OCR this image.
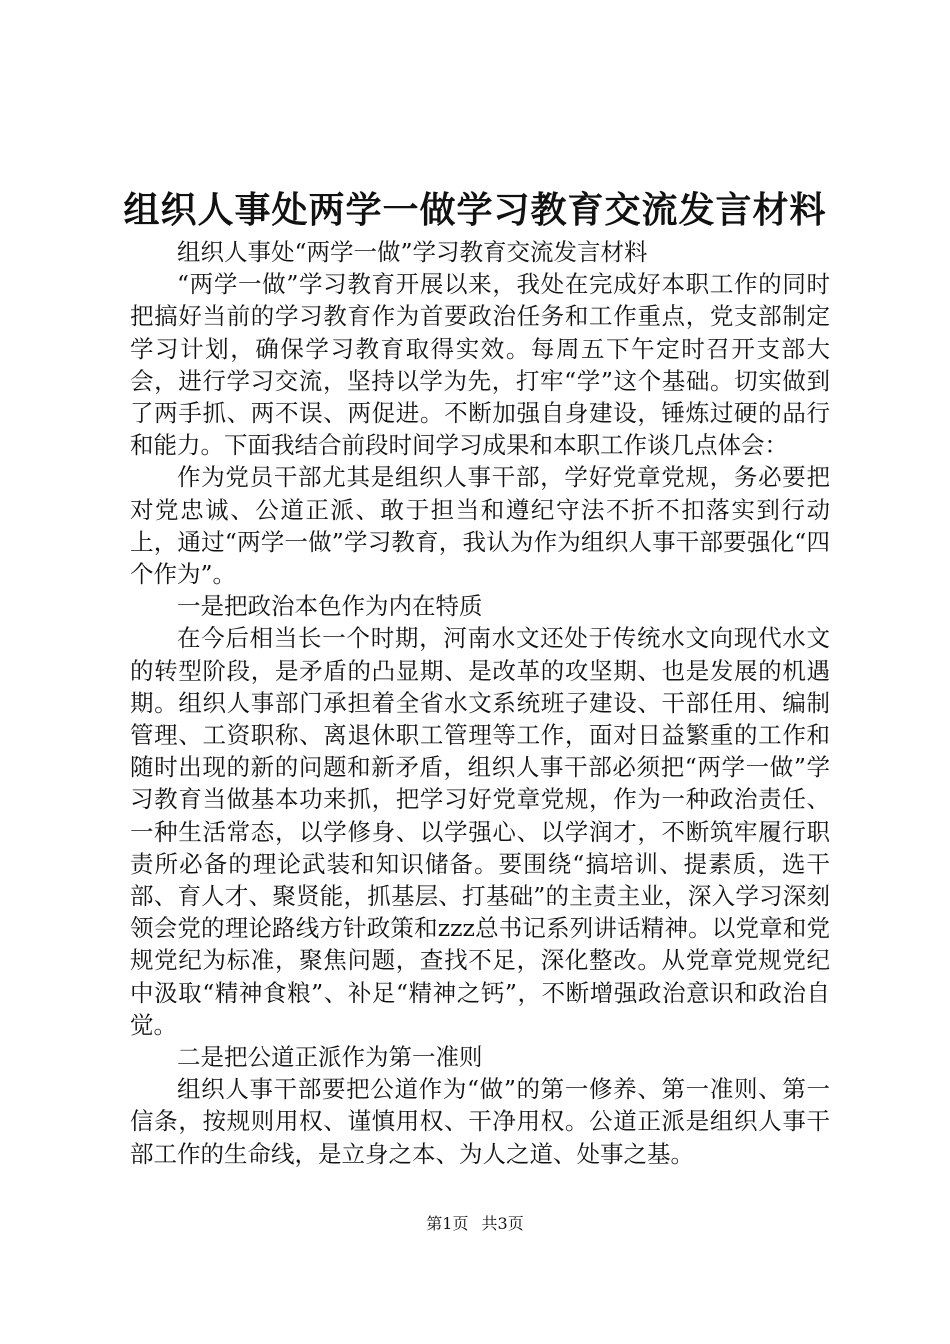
组织人事处两学一做学习教育交流发言材料

组织人事处“两学一做”学习教育交流发言材料

“两学一做”学习教育开展以来，我处在完成好本职工作的同时把搞好当前的学习教育作为首要政治任务和工作重点，党支部制定学习计划，确保学习教育取得实效。每周五下午定时召开支部大会，进行学习交流，坚持以学为先，打牢“学”这个基础。切实做到了两手抓、两不误、两促进。不断加强自身建设，锤炼过硬的品行和能力。下面我结合前段时间学习成果和本职工作谈几点体会：

作为党员干部尤其是组织人事干部，学好党章党规，务必要把对党忠诚、公道正派、敢于担当和遵纪守法不折不扣落实到行动上，通过“两学一做”学习教育，我认为作为组织人事干部要强化“四个作为”。

一是把政治本色作为内在特质

在今后相当长一个时期，河南水文还处于传统水文向现代水文的转型阶段，是矛盾的凸显期、是改革的攻坚期、也是发展的机遇期。组织人事部门承担着全省水文系统班子建设、干部任用、编制管理、工资职称、离退休职工管理等工作，面对日益繁重的工作和随时出现的新的问题和新矛盾，组织人事干部必须把“两学一做”学习教育当做基本功来抓，把学习好党章党规，作为一种政治责任、一种生活常态，以学修身、以学强心、以学润才，不断筑牢履行职责所必备的理论武装和知识储备。要围绕“搞培训、提素质，选干部、育人才、聚贤能，抓基层、打基础”的主责主业，深入学习深刻领会党的理论路线方针政策和zzz总书记系列讲话精神。以党章和党规党纪为标准，聚焦问题，查找不足，深化整改。从党章党规党纪中汲取“精神食粮”、补足“精神之钙”，不断增强政治意识和政治自觉。

二是把公道正派作为第一准则

组织人事干部要把公道作为“做”的第一修养、第一准则、第一信条，按规则用权、谨慎用权、干净用权。公道正派是组织人事干部工作的生命线，是立身之本、为人之道、处事之基。

第1页 共3页
